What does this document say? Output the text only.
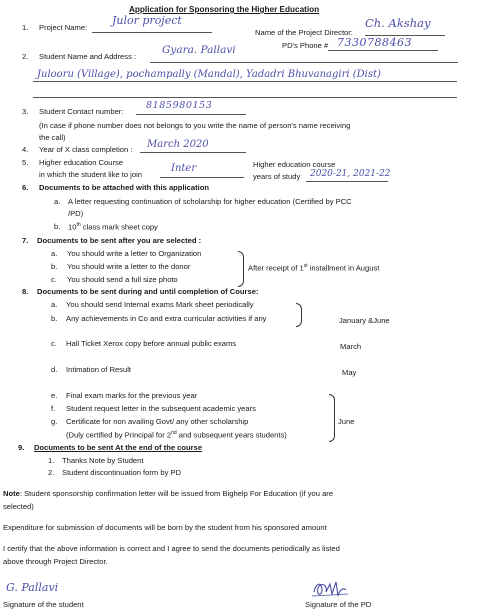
Application for Sponsoring the Higher Education
1. Project Name:
Julor project
Name of the Project Director:
Ch. Akshay
PD's Phone # 7330788463
2. Student Name and Address :
Gyara. Pallavi
Julooru (Village), pochampally (Mandal), Yadadri Bhuvanagiri (Dist)
3. Student Contact number:
8185980153
(In case if phone number does not belongs to you write the name of person's name receiving
the call)
4. Year of X class completion : March 2020
5. Higher education Course
in which the student like to join
Inter	Higher education course
years of study 2020-21, 2021-22
6. Documents to be attached with this application
a. A letter requesting continuation of scholarship for higher education (Certified by PCC
/PD)
b. 10th class mark sheet copy
7. Documents to be sent after you are selected :
a. You should write a letter to Organization
b. You should write a letter to the donor
c. You should send a full size photo
After receipt of 1st installment in August
8. Documents to be sent during and until completion of Course:
a. You should send Internal exams Mark sheet periodically
b. Any achievements in Co and extra curricular activities if any	January &June
c. Hall Ticket Xerox copy before annual public exams	March
d. Intimation of Result	May
e. Final exam marks for the previous year
f. Student request letter in the subsequent academic years
g. Certificate for non availing Govt/ any other scholarship
(Duly certified by Principal for 2nd and subsequent years students)
June
9. Documents to be sent At the end of the course
1. Thanks Note by Student
2. Student discontinuation form by PD
Note: Student sponsorship confirmation letter will be issued from Bighelp For Education (if you are
selected)
Expenditure for submission of documents will be born by the student from his sponsored amount
I certify that the above information is correct and I agree to send the documents periodically as listed
above through Project Director.
G. Pallavi
Signature of the student	Signature of the PD
